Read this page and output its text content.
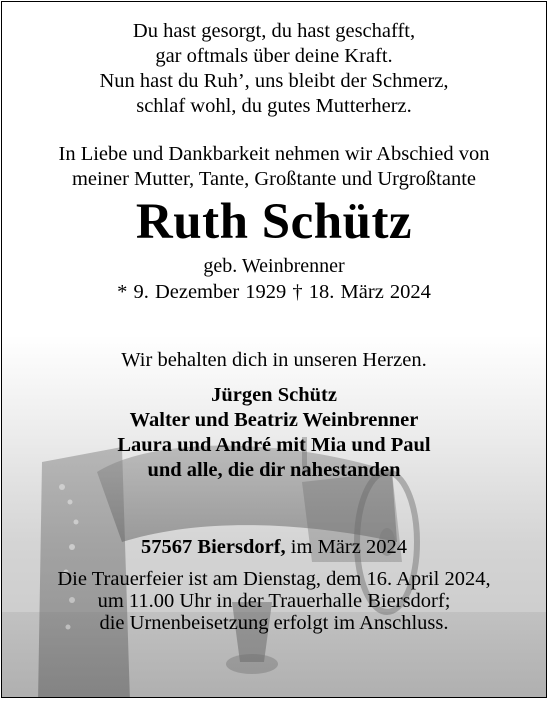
Du hast gesorgt, du hast geschafft,
gar oftmals über deine Kraft.
Nun hast du Ruh’, uns bleibt der Schmerz,
schlaf wohl, du gutes Mutterherz.
In Liebe und Dankbarkeit nehmen wir Abschied von
meiner Mutter, Tante, Großtante und Urgroßtante
Ruth Schütz
geb. Weinbrenner
* 9. Dezember 1929 † 18. März 2024
Wir behalten dich in unseren Herzen.
Jürgen Schütz
Walter und Beatriz Weinbrenner
Laura und André mit Mia und Paul
und alle, die dir nahestanden
57567 Biersdorf, im März 2024
Die Trauerfeier ist am Dienstag, dem 16. April 2024,
um 11.00 Uhr in der Trauerhalle Biersdorf;
die Urnenbeisetzung erfolgt im Anschluss.
